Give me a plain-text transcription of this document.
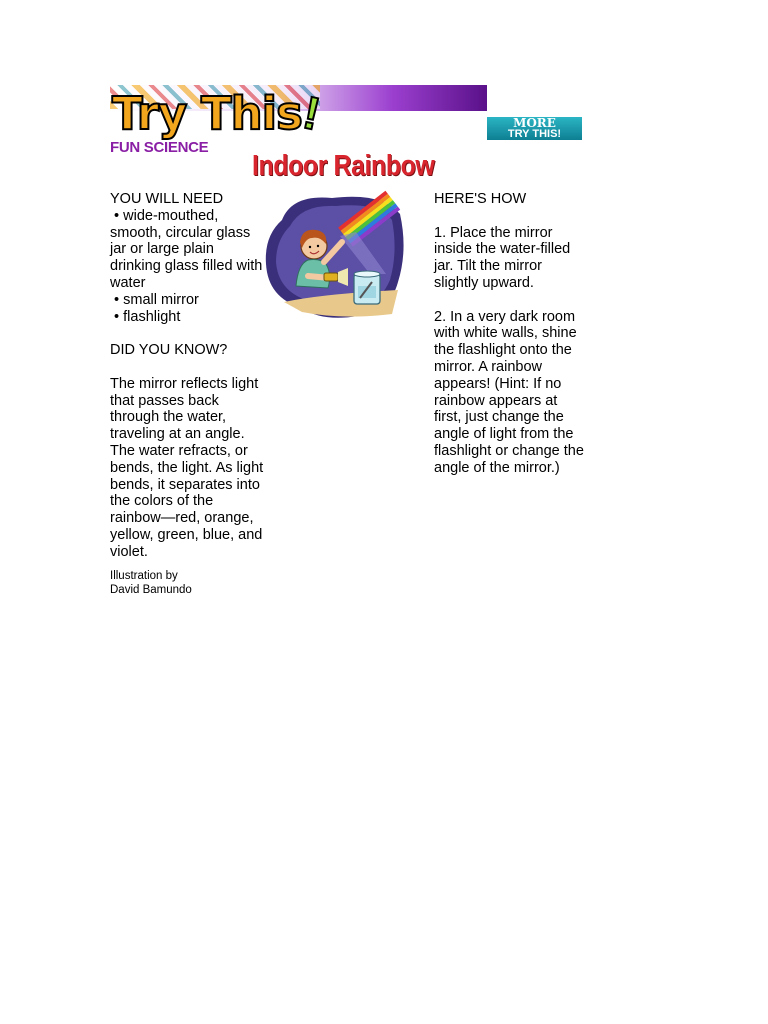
Try This!
FUN SCIENCE
MORE
TRY THIS!
Indoor Rainbow

YOU WILL NEED

• wide-mouthed, smooth, circular glass jar or large plain drinking glass filled with water

• small mirror

• flashlight

DID YOU KNOW?

The mirror reflects light that passes back through the water, traveling at an angle. The water refracts, or bends, the light. As light bends, it separates into the colors of the rainbow—red, orange, yellow, green, blue, and violet.

Illustration by

David Bamundo

HERE'S HOW

1. Place the mirror inside the water-filled jar. Tilt the mirror slightly upward.

2. In a very dark room with white walls, shine the flashlight onto the mirror. A rainbow appears! (Hint: If no rainbow appears at first, just change the angle of light from the flashlight or change the angle of the mirror.)
